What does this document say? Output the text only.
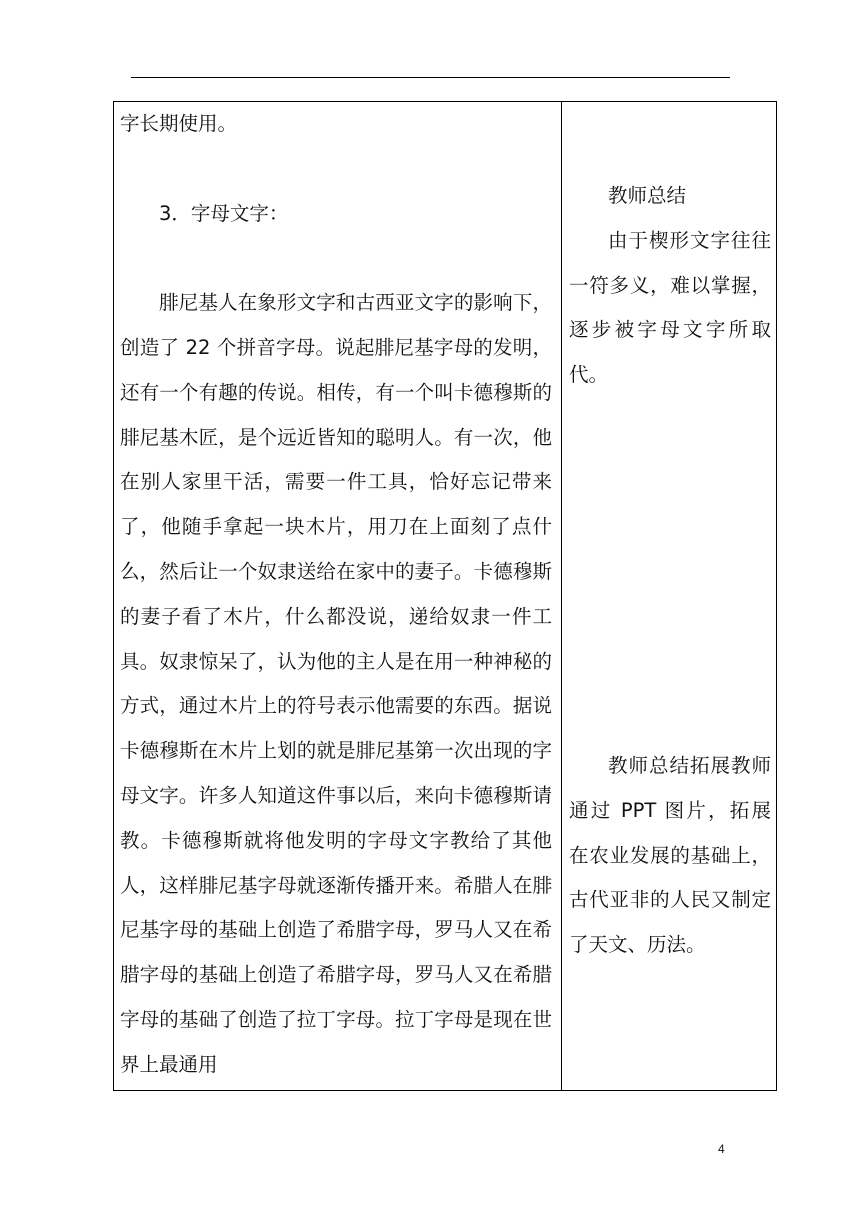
字长期使用。

3．字母文字：

腓尼基人在象形文字和古西亚文字的影响下，创造了 22 个拼音字母。说起腓尼基字母的发明，还有一个有趣的传说。相传，有一个叫卡德穆斯的腓尼基木匠，是个远近皆知的聪明人。有一次，他在别人家里干活，需要一件工具，恰好忘记带来了，他随手拿起一块木片，用刀在上面刻了点什么，然后让一个奴隶送给在家中的妻子。卡德穆斯的妻子看了木片，什么都没说，递给奴隶一件工具。奴隶惊呆了，认为他的主人是在用一种神秘的方式，通过木片上的符号表示他需要的东西。据说卡德穆斯在木片上划的就是腓尼基第一次出现的字母文字。许多人知道这件事以后，来向卡德穆斯请教。卡德穆斯就将他发明的字母文字教给了其他人，这样腓尼基字母就逐渐传播开来。希腊人在腓尼基字母的基础上创造了希腊字母，罗马人又在希腊字母的基础上创造了希腊字母，罗马人又在希腊字母的基础了创造了拉丁字母。拉丁字母是现在世界上最通用

教师总结

由于楔形文字往往一符多义，难以掌握，逐步被字母文字所取代。

教师总结拓展教师通过 PPT 图片，拓展在农业发展的基础上，古代亚非的人民又制定了天文、历法。

4
